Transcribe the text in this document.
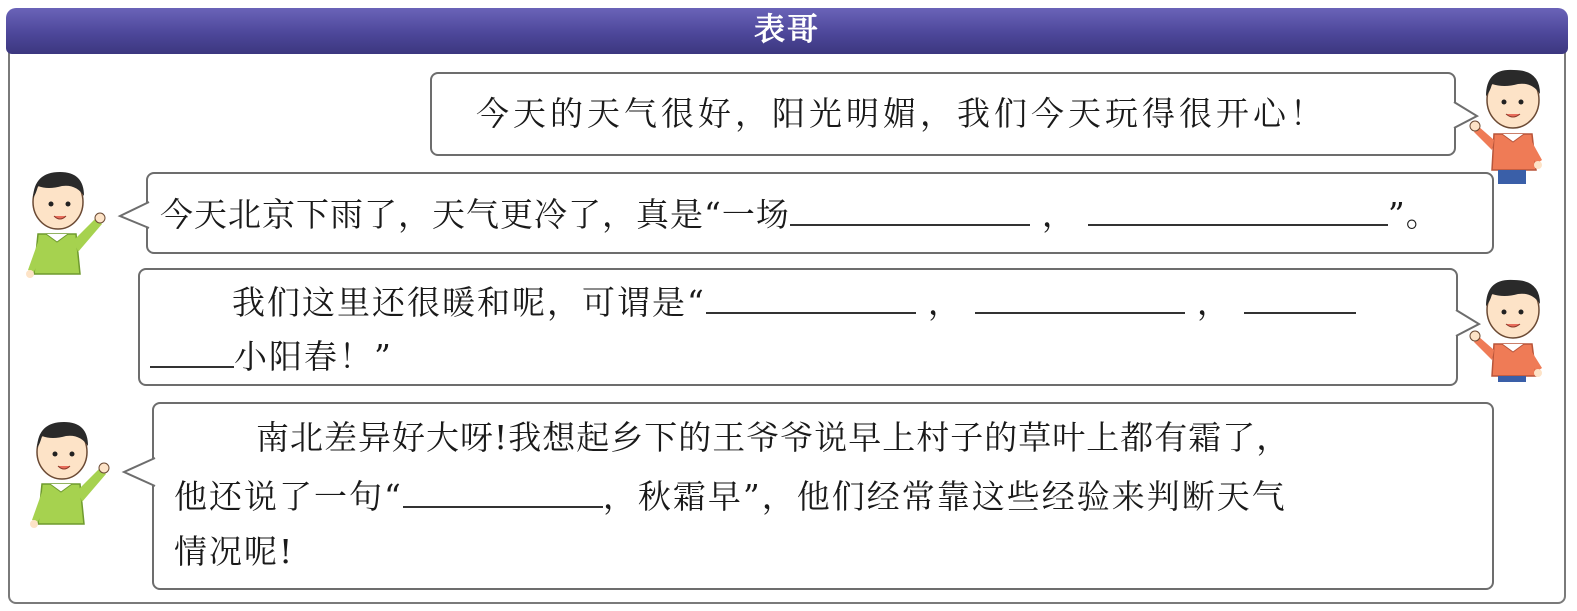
表哥
今天的天气很好，阳光明媚，我们今天玩得很开心！
今天北京下雨了，天气更冷了，真是“一场	，	”。
我们这里还很暖和呢，可谓是“	，	，
小阳春！”
南北差异好大呀!我想起乡下的王爷爷说早上村子的草叶上都有霜了，
他还说了一句“	，秋霜早”，他们经常靠这些经验来判断天气
情况呢!
